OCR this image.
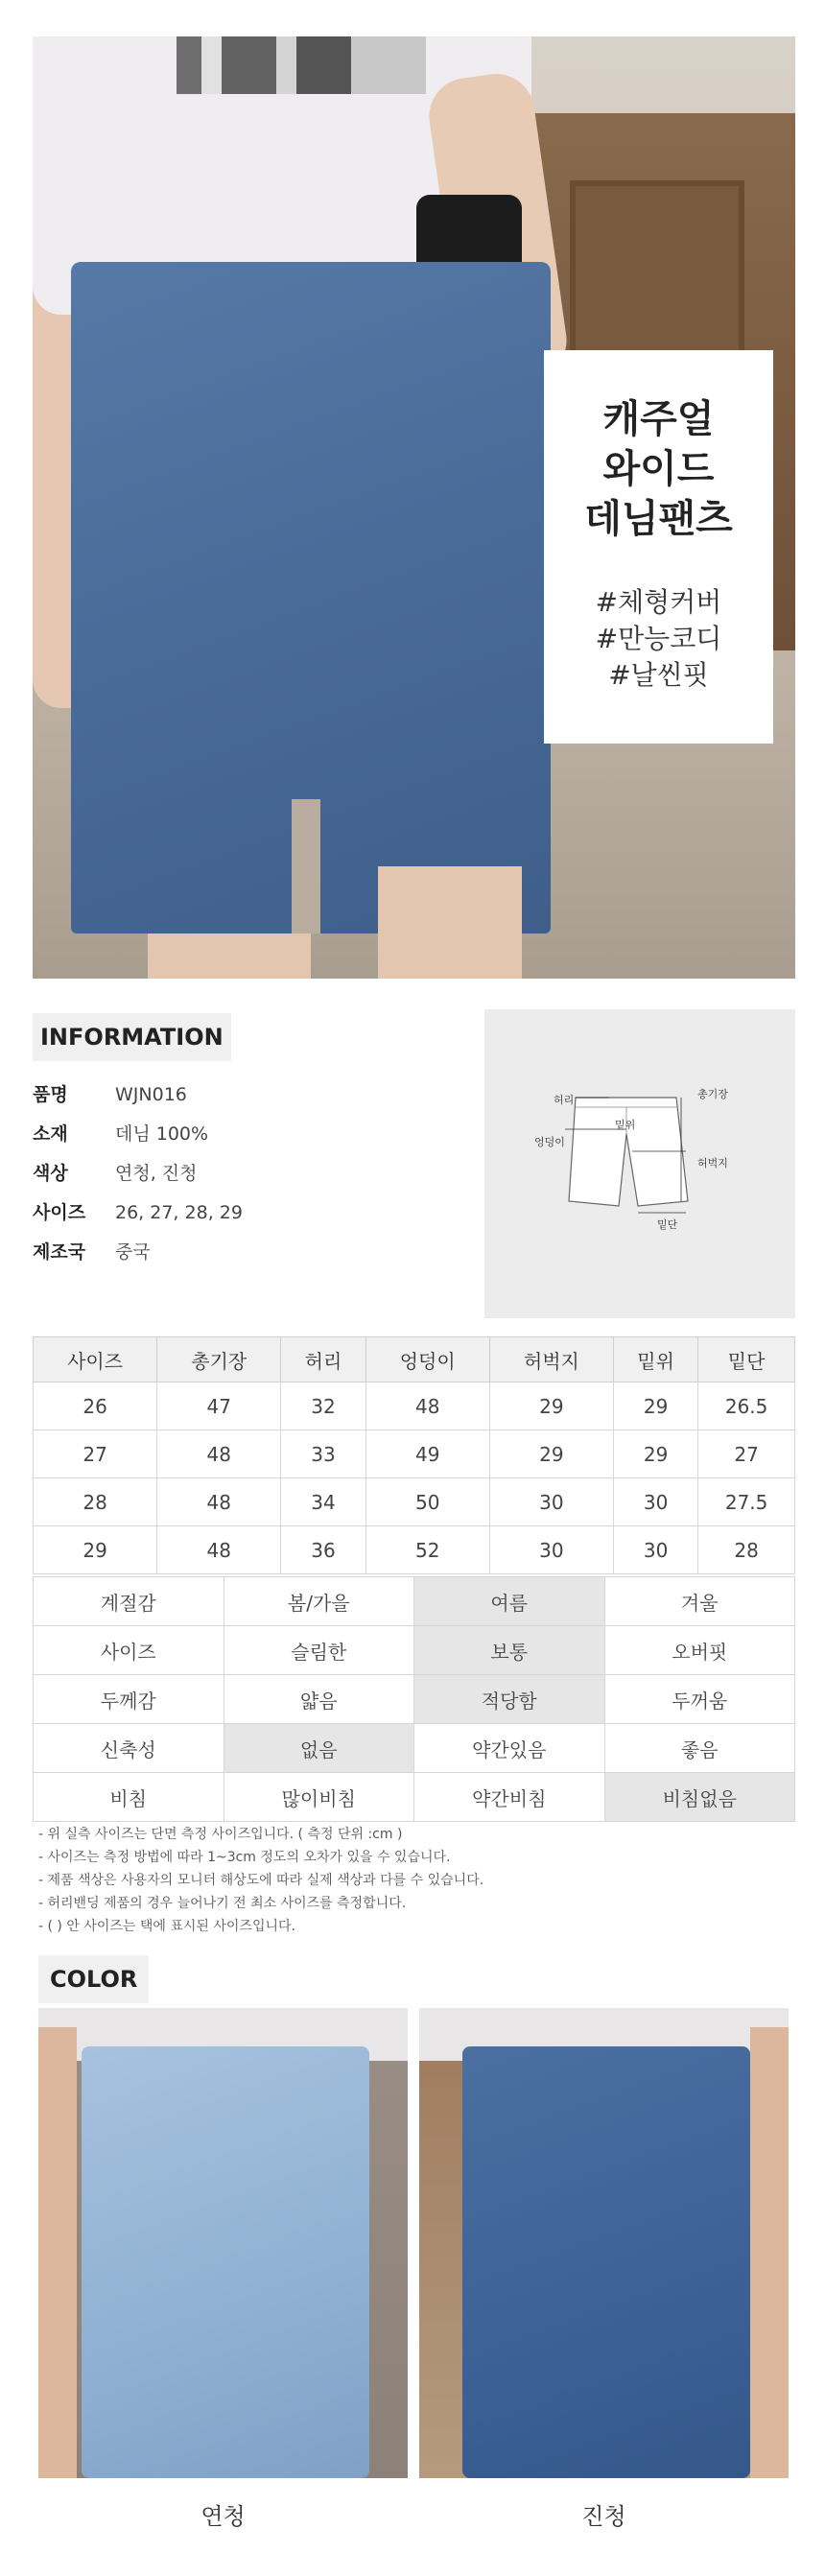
캐주얼
와이드
데님팬츠
#체형커버
#만능코디
#날씬핏
INFORMATION
품명	WJN016
소재	데님 100%
색상	연청, 진청
사이즈 26, 27, 28, 29
제조국 중국
허리	총기장
밑위
엉덩이
허벅지
밑단
사이즈	총기장	허리	엉덩이	허벅지	밑위	밑단
26	47	32	48	29	29	26.5
27	48	33	49	29	29	27
28	48	34	50	30	30	27.5
29	48	36	52	30	30	28
계절감	봄/가을	여름	겨울
사이즈	슬림한	보통	오버핏
두께감	얇음	적당함	두꺼움
신축성	없음	약간있음	좋음
비침	많이비침	약간비침	비침없음
- 위 실측 사이즈는 단면 측정 사이즈입니다. ( 측정 단위 :cm )
- 사이즈는 측정 방법에 따라 1~3cm 정도의 오차가 있을 수 있습니다.
- 제품 색상은 사용자의 모니터 해상도에 따라 실제 색상과 다를 수 있습니다.
- 허리밴딩 제품의 경우 늘어나기 전 최소 사이즈를 측정합니다.
- ( ) 안 사이즈는 택에 표시된 사이즈입니다.
COLOR
연청	진청
